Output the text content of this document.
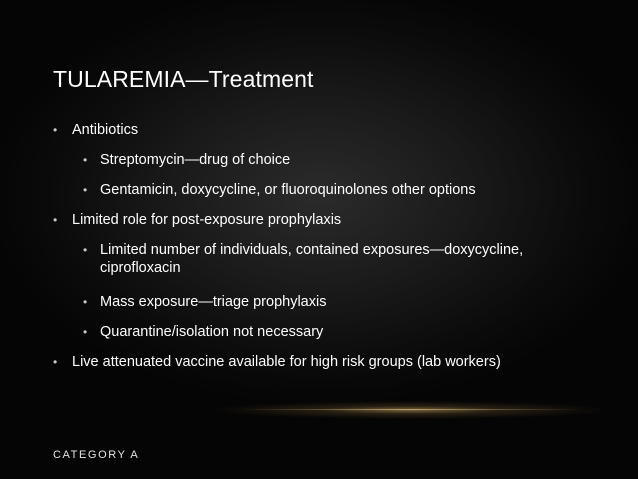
TULAREMIA—Treatment
• Antibiotics
• Streptomycin—drug of choice
• Gentamicin, doxycycline, or fluoroquinolones other options
• Limited role for post-exposure prophylaxis
• Limited number of individuals, contained exposures—doxycycline, ciprofloxacin
• Mass exposure—triage prophylaxis
• Quarantine/isolation not necessary
• Live attenuated vaccine available for high risk groups (lab workers)

CATEGORY A
